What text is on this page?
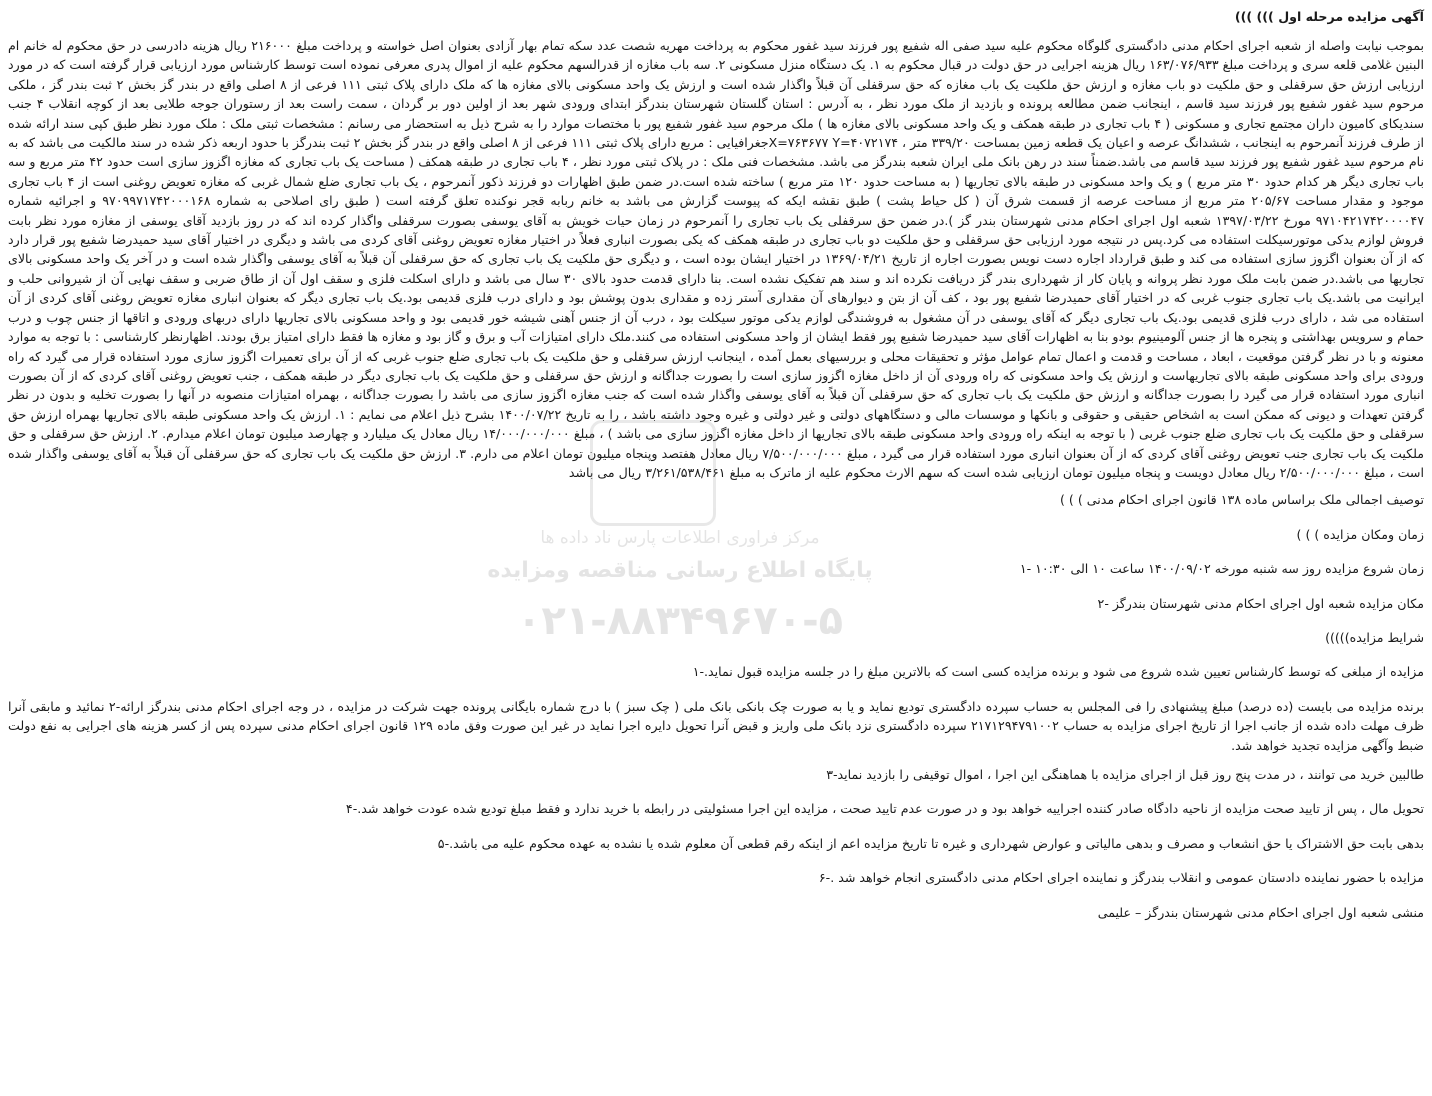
آگهی مزایده مرحله اول ))) )))

بموجب نیابت واصله از شعبه اجرای احکام مدنی دادگستری گلوگاه محکوم علیه سید صفی اله شفیع پور فرزند سید غفور محکوم به پرداخت مهریه شصت عدد سکه تمام بهار آزادی بعنوان اصل خواسته و پرداخت مبلغ ۲۱۶۰۰۰ ریال هزینه دادرسی در حق محکوم له خانم ام البنین غلامی قلعه سری و پرداخت مبلغ ۱۶۳/۰۷۶/۹۳۳ ریال هزینه اجرایی در حق دولت در قبال محکوم به ۱. یک دستگاه منزل مسکونی ۲. سه باب مغازه از قدرالسهم محکوم علیه از اموال پدری معرفی نموده است توسط کارشناس مورد ارزیابی قرار گرفته است که در مورد ارزیابی ارزش حق سرقفلی و حق ملکیت دو باب مغازه و ارزش حق ملکیت یک باب مغازه که حق سرقفلی آن قبلاً واگذار شده است و ارزش یک واحد مسکونی بالای مغازه ها که ملک دارای پلاک ثبتی ۱۱۱ فرعی از ۸ اصلی واقع در بندر گز بخش ۲ ثبت بندر گز ، ملکی مرحوم سید غفور شفیع پور فرزند سید قاسم ، اینجانب ضمن مطالعه پرونده و بازدید از ملک مورد نظر ، به آدرس : استان گلستان شهرستان بندرگز ابتدای ورودی شهر بعد از اولین دور بر گردان ، سمت راست بعد از رستوران جوجه طلایی بعد از کوچه انقلاب ۴ جنب سندیکای کامیون داران مجتمع تجاری و مسکونی ( ۴ باب تجاری در طبقه همکف و یک واحد مسکونی بالای مغازه ها ) ملک مرحوم سید غفور شفیع پور با مختصات موارد را به شرح ذیل به استحضار می رسانم : مشخصات ثبتی ملک : ملک مورد نظر طبق کپی سند ارائه شده از طرف فرزند آنمرحوم به اینجانب ، ششدانگ عرصه و اعیان یک قطعه زمین بمساحت ۳۳۹/۲۰ متر ، X=۷۶۳۶۷۷ Y=۴۰۷۲۱۷۴جغرافیایی : مربع دارای پلاک ثبتی ۱۱۱ فرعی از ۸ اصلی واقع در بندر گز بخش ۲ ثبت بندرگز با حدود اربعه ذکر شده در سند مالکیت می باشد که به نام مرحوم سید غفور شفیع پور فرزند سید قاسم می باشد.ضمناً سند در رهن بانک ملی ایران شعبه بندرگز می باشد. مشخصات فنی ملک : در پلاک ثبتی مورد نظر ، ۴ باب تجاری در طبقه همکف ( مساحت یک باب تجاری که مغازه اگزوز سازی است حدود ۴۲ متر مربع و سه باب تجاری دیگر هر کدام حدود ۳۰ متر مربع ) و یک واحد مسکونی در طبقه بالای تجاریها ( به مساحت حدود ۱۲۰ متر مربع ) ساخته شده است.در ضمن طبق اظهارات دو فرزند ذکور آنمرحوم ، یک باب تجاری ضلع شمال غربی که مغازه تعویض روغنی است از ۴ باب تجاری موجود و مقدار مساحت ۲۰۵/۶۷ متر مربع از مساحت عرصه از قسمت شرق آن ( کل حیاط پشت ) طبق نقشه ایکه که پیوست گزارش می باشد به خانم ربابه قجر نوکنده تعلق گرفته است ( طبق رای اصلاحی به شماره ۹۷۰۹۹۷۱۷۴۲۰۰۰۱۶۸ و اجرائیه شماره ۹۷۱۰۴۲۱۷۴۲۰۰۰۰۴۷ مورخ ۱۳۹۷/۰۳/۲۲ شعبه اول اجرای احکام مدنی شهرستان بندر گز ).در ضمن حق سرقفلی یک باب تجاری را آنمرحوم در زمان حیات خویش به آقای یوسفی بصورت سرقفلی واگذار کرده اند که در روز بازدید آقای یوسفی از مغازه مورد نظر بابت فروش لوازم یدکی موتورسیکلت استفاده می کرد.پس در نتیجه مورد ارزیابی حق سرقفلی و حق ملکیت دو باب تجاری در طبقه همکف که یکی بصورت انباری فعلاً در اختیار مغازه تعویض روغنی آقای کردی می باشد و دیگری در اختیار آقای سید حمیدرضا شفیع پور قرار دارد که از آن بعنوان اگزوز سازی استفاده می کند و طبق قرارداد اجاره دست نویس بصورت اجاره از تاریخ ۱۳۶۹/۰۴/۲۱ در اختیار ایشان بوده است ، و دیگری حق ملکیت یک باب تجاری که حق سرقفلی آن قبلاً به آقای یوسفی واگذار شده است و در آخر یک واحد مسکونی بالای تجاریها می باشد.در ضمن بابت ملک مورد نظر پروانه و پایان کار از شهرداری بندر گز دریافت نکرده اند و سند هم تفکیک نشده است. بنا دارای قدمت حدود بالای ۳۰ سال می باشد و دارای اسکلت فلزی و سقف اول آن از طاق ضربی و سقف نهایی آن از شیروانی حلب و ایرانیت می باشد.یک باب تجاری جنوب غربی که در اختیار آقای حمیدرضا شفیع پور بود ، کف آن از بتن و دیوارهای آن مقداری آستر زده و مقداری بدون پوشش بود و دارای درب فلزی قدیمی بود.یک باب تجاری دیگر که بعنوان انباری مغازه تعویض روغنی آقای کردی از آن استفاده می شد ، دارای درب فلزی قدیمی بود.یک باب تجاری دیگر که آقای یوسفی در آن مشغول به فروشندگی لوازم یدکی موتور سیکلت بود ، درب آن از جنس آهنی شیشه خور قدیمی بود و واحد مسکونی بالای تجاریها دارای دربهای ورودی و اتاقها از جنس چوب و درب حمام و سرویس بهداشتی و پنجره ها از جنس آلومینیوم بودو بنا به اظهارات آقای سید حمیدرضا شفیع پور فقط ایشان از واحد مسکونی استفاده می کنند.ملک دارای امتیازات آب و برق و گاز بود و مغازه ها فقط دارای امتیاز برق بودند. اظهارنظر کارشناسی : با توجه به موارد معنونه و با در نظر گرفتن موقعیت ، ابعاد ، مساحت و قدمت و اعمال تمام عوامل مؤثر و تحقیقات محلی و بررسیهای بعمل آمده ، اینجانب ارزش سرقفلی و حق ملکیت یک باب تجاری ضلع جنوب غربی که از آن برای تعمیرات اگزوز سازی مورد استفاده قرار می گیرد که راه ورودی برای واحد مسکونی طبقه بالای تجاریهاست و ارزش یک واحد مسکونی که راه ورودی آن از داخل مغازه اگزوز سازی است را بصورت جداگانه و ارزش حق سرقفلی و حق ملکیت یک باب تجاری دیگر در طبقه همکف ، جنب تعویض روغنی آقای کردی که از آن بصورت انباری مورد استفاده قرار می گیرد را بصورت جداگانه و ارزش حق ملکیت یک باب تجاری که حق سرقفلی آن قبلاً به آقای یوسفی واگذار شده است که جنب مغازه اگزوز سازی می باشد را بصورت جداگانه ، بهمراه امتیازات منصوبه در آنها را بصورت تخلیه و بدون در نظر گرفتن تعهدات و دیونی که ممکن است به اشخاص حقیقی و حقوقی و بانکها و موسسات مالی و دستگاههای دولتی و غیر دولتی و غیره وجود داشته باشد ، را به تاریخ ۱۴۰۰/۰۷/۲۲ بشرح ذیل اعلام می نمایم : ۱. ارزش یک واحد مسکونی طبقه بالای تجاریها بهمراه ارزش حق سرقفلی و حق ملکیت یک باب تجاری ضلع جنوب غربی ( با توجه به اینکه راه ورودی واحد مسکونی طبقه بالای تجاریها از داخل مغازه اگزوز سازی می باشد ) ، مبلغ ۱۴/۰۰۰/۰۰۰/۰۰۰ ریال معادل یک میلیارد و چهارصد میلیون تومان اعلام میدارم. ۲. ارزش حق سرقفلی و حق ملکیت یک باب تجاری جنب تعویض روغنی آقای کردی که از آن بعنوان انباری مورد استفاده قرار می گیرد ، مبلغ ۷/۵۰۰/۰۰۰/۰۰۰ ریال معادل هفتصد وپنجاه میلیون تومان اعلام می دارم. ۳. ارزش حق ملکیت یک باب تجاری که حق سرقفلی آن قبلاً به آقای یوسفی واگذار شده است ، مبلغ ۲/۵۰۰/۰۰۰/۰۰۰ ریال معادل دویست و پنجاه میلیون تومان ارزیابی شده است که سهم الارث محکوم علیه از ماترک به مبلغ ۳/۲۶۱/۵۳۸/۴۶۱ ریال می باشد

توصیف اجمالی ملک براساس ماده ۱۳۸ قانون اجرای احکام مدنی ) ) )

زمان ومکان مزایده ) ) )

زمان شروع مزایده روز سه شنبه مورخه ۱۴۰۰/۰۹/۰۲ ساعت ۱۰ الی ۱۰:۳۰ -۱

مکان مزایده شعبه اول اجرای احکام مدنی شهرستان بندرگز -۲

شرایط مزایده)))))

مزایده از مبلغی که توسط کارشناس تعیین شده شروع می شود و برنده مزایده کسی است که بالاترین مبلغ را در جلسه مزایده قبول نماید.-۱

برنده مزایده می بایست (ده درصد) مبلغ پیشنهادی را فی المجلس به حساب سپرده دادگستری تودیع نماید و یا به صورت چک بانکی بانک ملی ( چک سبز ) با درج شماره بایگانی پرونده جهت شرکت در مزایده ، در وجه اجرای احکام مدنی بندرگز ارائه-۲ نمائید و مابقی آنرا ظرف مهلت داده شده از جانب اجرا از تاریخ اجرای مزایده به حساب ۲۱۷۱۲۹۴۷۹۱۰۰۲ سپرده دادگستری نزد بانک ملی واریز و قبض آنرا تحویل دایره اجرا نماید در غیر این صورت وفق ماده ۱۲۹ قانون اجرای احکام مدنی سپرده پس از کسر هزینه های اجرایی به نفع دولت ضبط وآگهی مزایده تجدید خواهد شد.

طالبین خرید می توانند ، در مدت پنج روز قبل از اجرای مزایده با هماهنگی این اجرا ، اموال توقیفی را بازدید نماید-۳

تحویل مال ، پس از تایید صحت مزایده از ناحیه دادگاه صادر کننده اجراییه خواهد بود و در صورت عدم تایید صحت ، مزایده این اجرا مسئولیتی در رابطه با خرید ندارد و فقط مبلغ تودیع شده عودت خواهد شد.-۴

بدهی بابت حق الاشتراک یا حق انشعاب و مصرف و بدهی مالیاتی و عوارض شهرداری و غیره تا تاریخ مزایده اعم از اینکه رقم قطعی آن معلوم شده یا نشده به عهده محکوم علیه می باشد.-۵

مزایده با حضور نماینده دادستان عمومی و انقلاب بندرگز و نماینده اجرای احکام مدنی دادگستری انجام خواهد شد .-۶

منشی شعبه اول اجرای احکام مدنی شهرستان بندرگز – علیمی

مرکز فراوری اطلاعات پارس ناد داده ها
پایگاه اطلاع رسانی مناقصه ومزایده
۰۲۱-۸۸۳۴۹۶۷۰-۵
